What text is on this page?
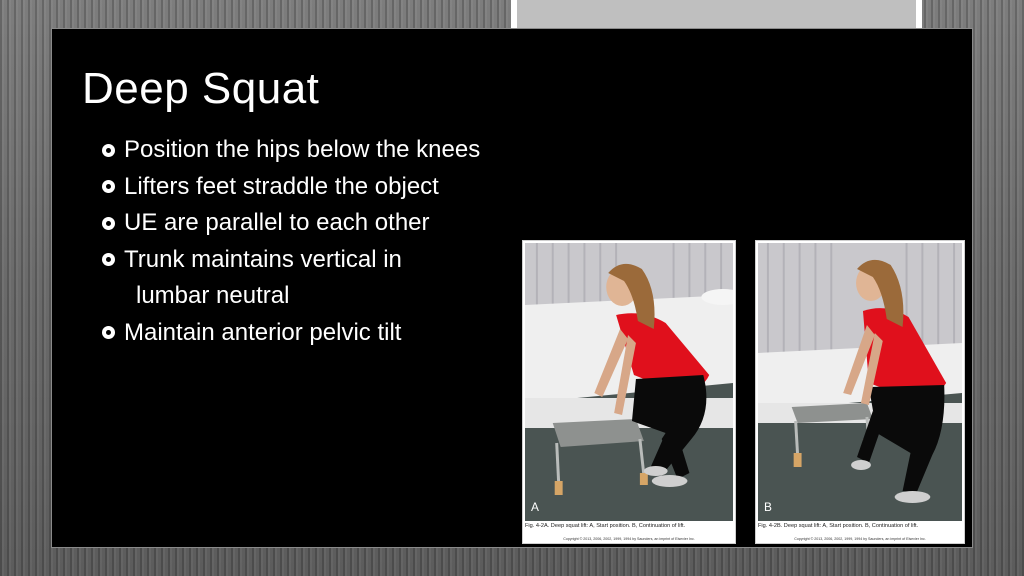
Deep Squat
Position the hips below the knees
Lifters feet straddle the object
UE are parallel to each other
Trunk maintains vertical in
lumbar neutral
Maintain anterior pelvic tilt
A
Fig. 4-2A. Deep squat lift: A, Start position. B, Continuation of lift.
Copyright © 2013, 2006, 2002, 1999, 1994 by Saunders, an imprint of Elsevier Inc.
B
Fig. 4-2B. Deep squat lift: A, Start position. B, Continuation of lift.
Copyright © 2013, 2006, 2002, 1999, 1994 by Saunders, an imprint of Elsevier Inc.
